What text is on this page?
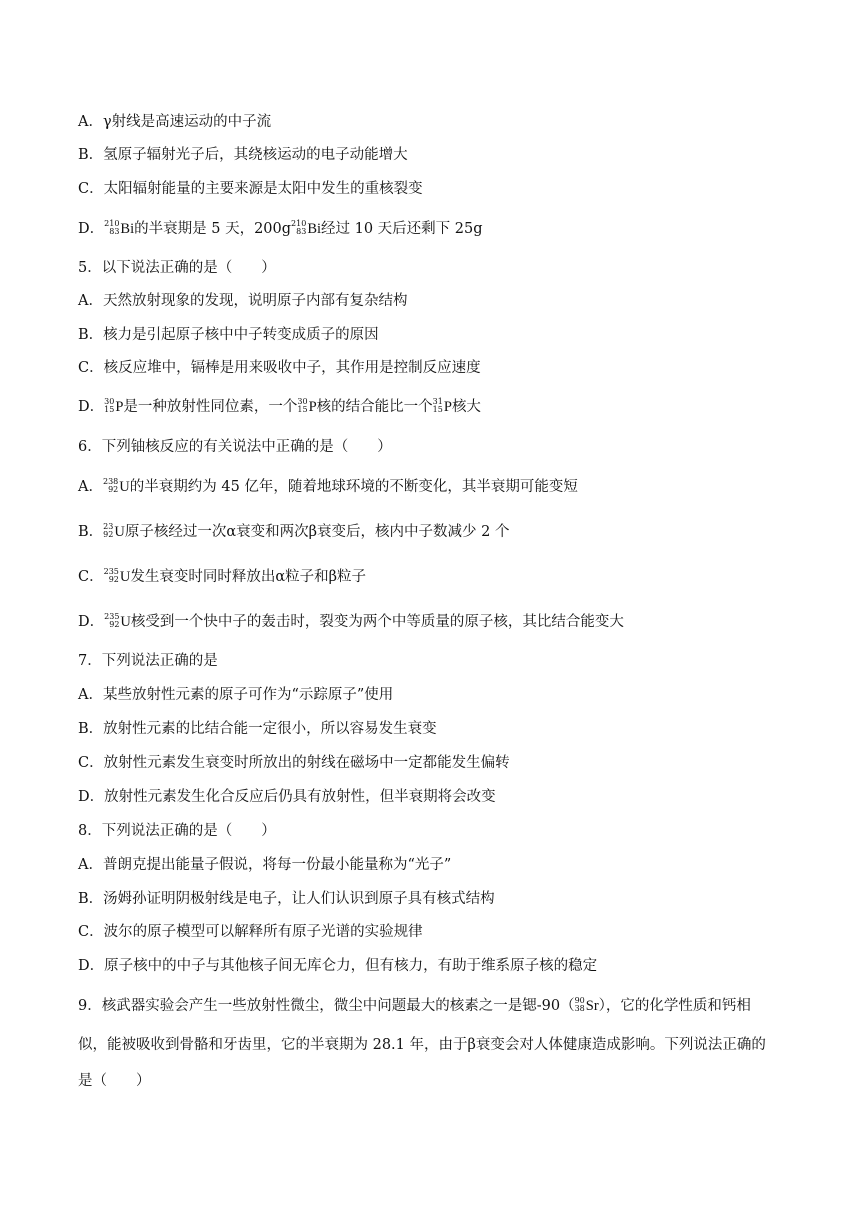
A．γ射线是高速运动的中子流
B．氢原子辐射光子后，其绕核运动的电子动能增大
C．太阳辐射能量的主要来源是太阳中发生的重核裂变
D． 210
83 Bi的半衰期是 5 天，200g 210
83 Bi经过 10 天后还剩下 25g
5．以下说法正确的是（　　）
A．天然放射现象的发现，说明原子内部有复杂结构
B．核力是引起原子核中中子转变成质子的原因
C．核反应堆中，镉棒是用来吸收中子，其作用是控制反应速度
D． 30
15 P是一种放射性同位素，一个 30
15 P核的结合能比一个 31
15 P核大
6．下列铀核反应的有关说法中正确的是（　　）
A． 238
92 U的半衰期约为 45 亿年，随着地球环境的不断变化，其半衰期可能变短
B． 23
92 U原子核经过一次α衰变和两次β衰变后，核内中子数减少 2 个
C． 235
92 U发生衰变时同时释放出α粒子和β粒子
D． 235
92 U核受到一个快中子的轰击时，裂变为两个中等质量的原子核，其比结合能变大
7．下列说法正确的是
A．某些放射性元素的原子可作为“示踪原子”使用
B．放射性元素的比结合能一定很小，所以容易发生衰变
C．放射性元素发生衰变时所放出的射线在磁场中一定都能发生偏转
D．放射性元素发生化合反应后仍具有放射性，但半衰期将会改变
8．下列说法正确的是（　　）
A．普朗克提出能量子假说，将每一份最小能量称为“光子”
B．汤姆孙证明阴极射线是电子，让人们认识到原子具有核式结构
C．波尔的原子模型可以解释所有原子光谱的实验规律
D．原子核中的中子与其他核子间无库仑力，但有核力，有助于维系原子核的稳定
9．核武器实验会产生一些放射性微尘，微尘中问题最大的核素之一是锶-90（ 90
38 Sr），它的化学性质和钙相
似，能被吸收到骨骼和牙齿里，它的半衰期为 28.1 年，由于β衰变会对人体健康造成影响。下列说法正确的
是（　　）
